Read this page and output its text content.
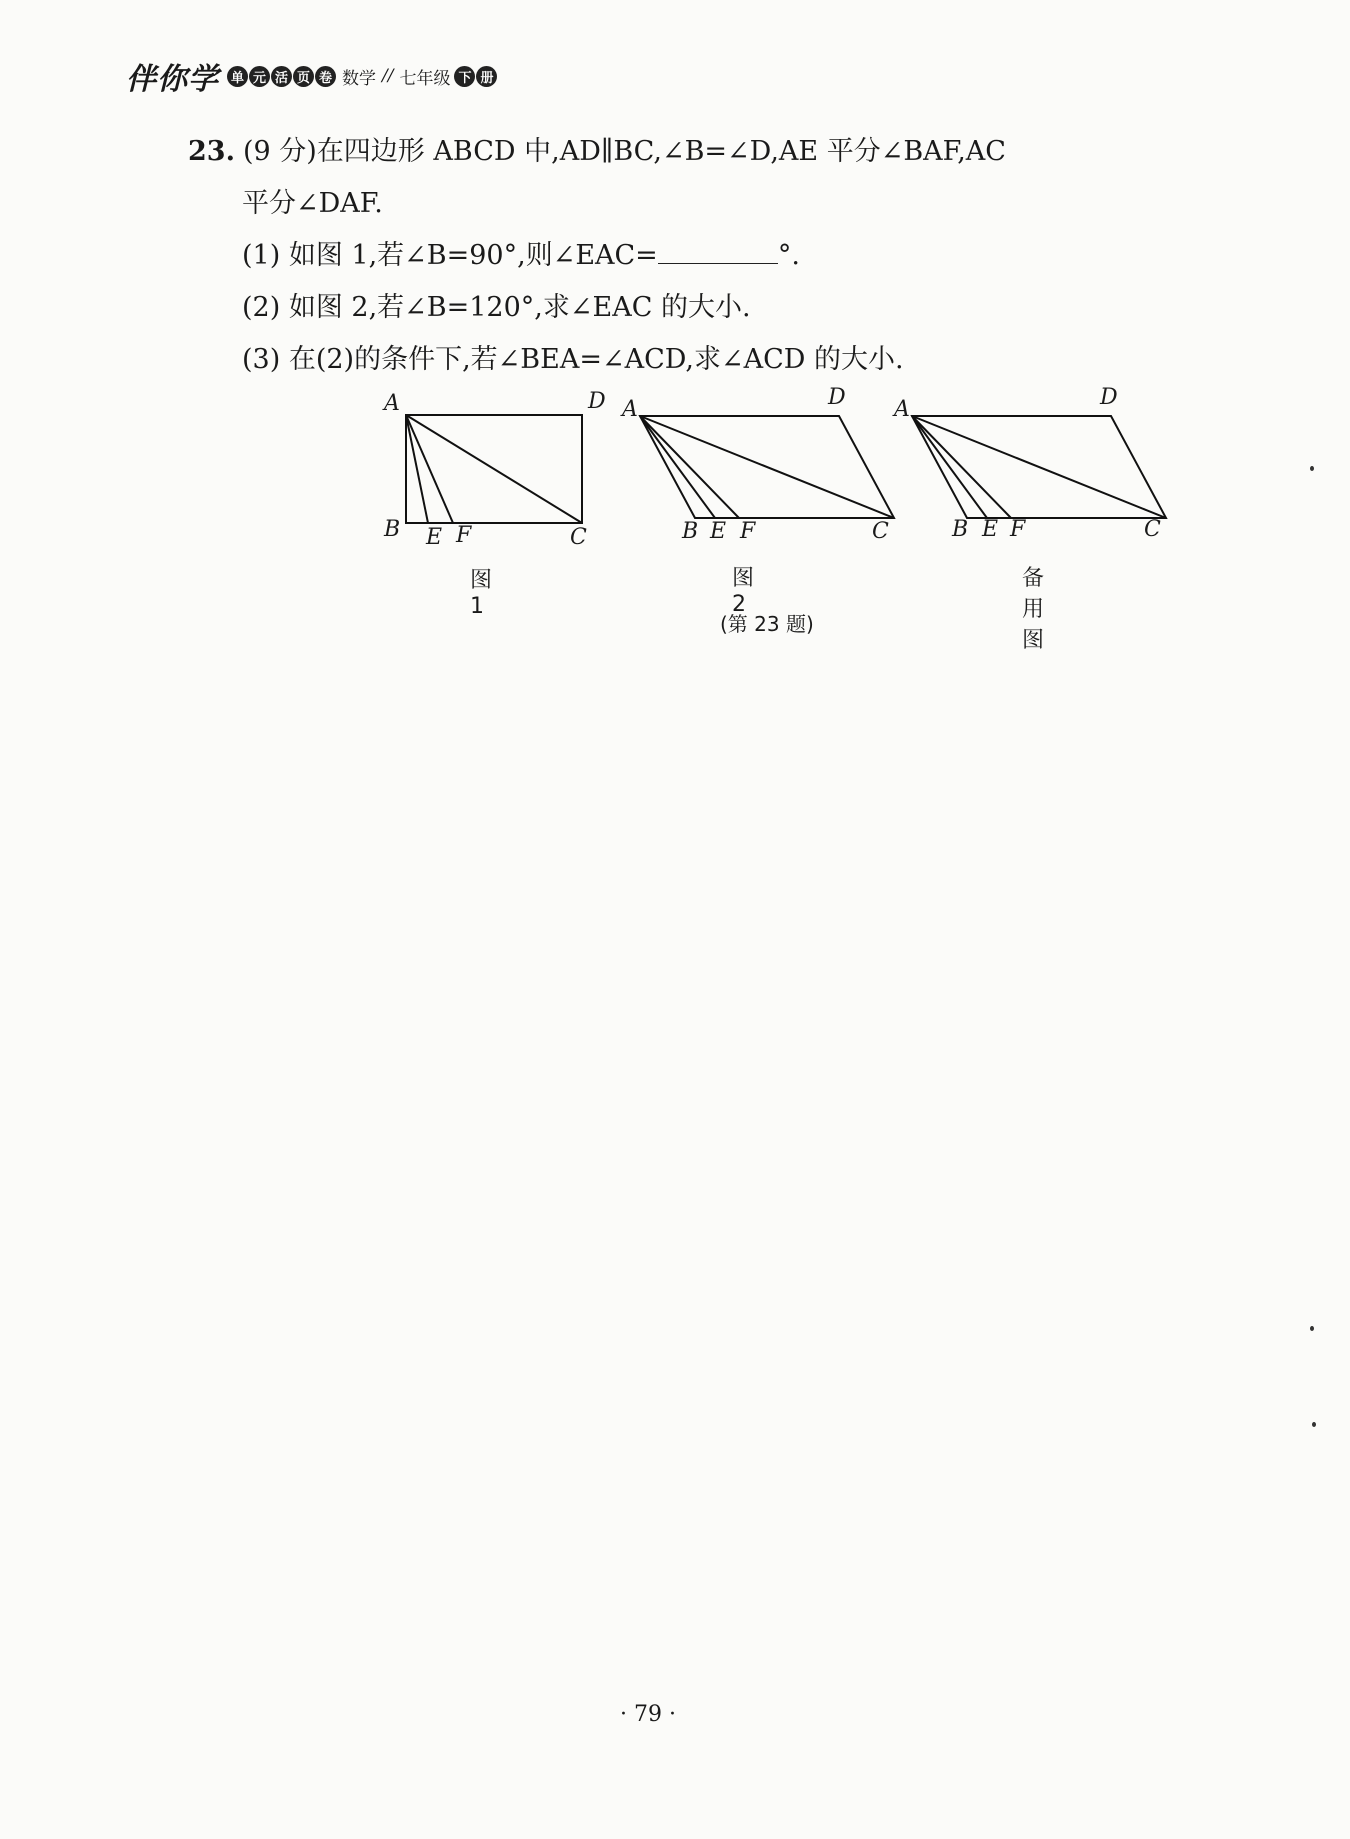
伴你学 单 元 活 页 卷 数学 // 七年级 下 册
23. (9 分)在四边形 ABCD 中,AD∥BC,∠B=∠D,AE 平分∠BAF,AC
平分∠DAF.
(1) 如图 1,若∠B=90°,则∠EAC=	°.
(2) 如图 2,若∠B=120°,求∠EAC 的大小.
(3) 在(2)的条件下,若∠BEA=∠ACD,求∠ACD 的大小.
A	D
B E F	C
A	D
B E F	C
A	D
B E F	C
图 1
图 2
备用图
(第 23 题)
· 79 ·
